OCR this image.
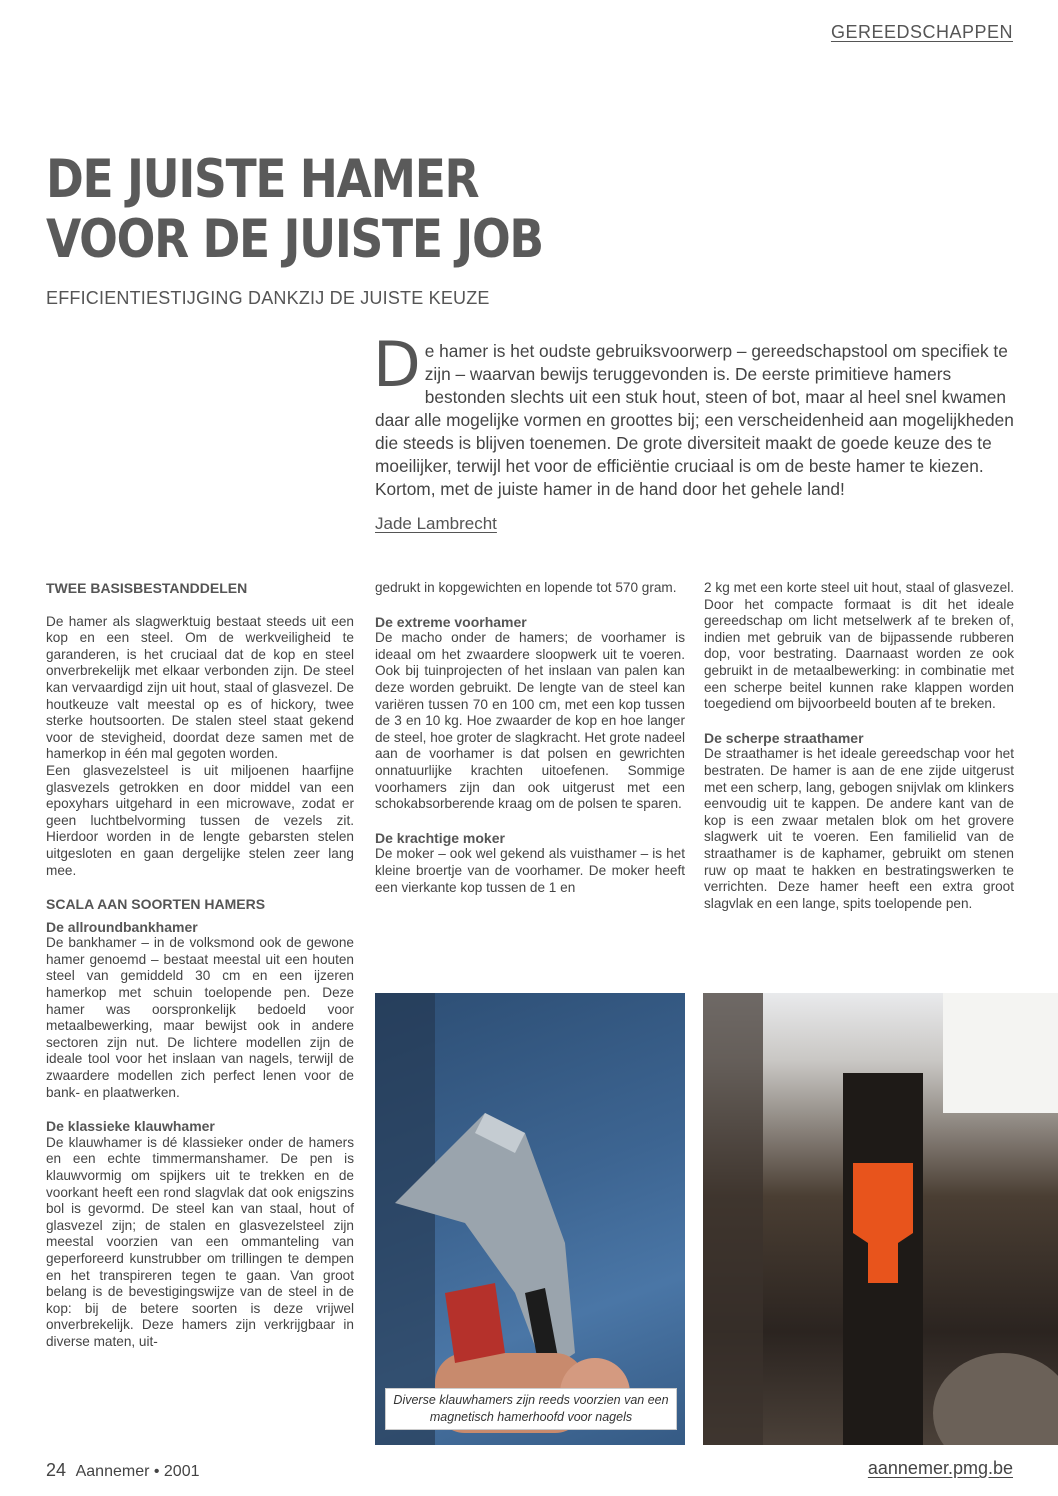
GEREEDSCHAPPEN
DE JUISTE HAMER
VOOR DE JUISTE JOB
EFFICIENTIESTIJGING DANKZIJ DE JUISTE KEUZE
De hamer is het oudste gebruiksvoorwerp – gereedschapstool om specifiek te zijn – waarvan bewijs teruggevonden is. De eerste primitieve hamers bestonden slechts uit een stuk hout, steen of bot, maar al heel snel kwamen daar alle mogelijke vormen en groottes bij; een verscheidenheid aan mogelijkheden die steeds is blijven toenemen. De grote diversiteit maakt de goede keuze des te moeilijker, terwijl het voor de efficiëntie cruciaal is om de beste hamer te kiezen. Kortom, met de juiste hamer in de hand door het gehele land!
Jade Lambrecht
TWEE BASISBESTANDDELEN

De hamer als slagwerktuig bestaat steeds uit een kop en een steel. Om de werkveiligheid te garanderen, is het cruciaal dat de kop en steel onverbrekelijk met elkaar verbonden zijn. De steel kan vervaardigd zijn uit hout, staal of glasvezel. De houtkeuze valt meestal op es of hickory, twee sterke houtsoorten. De stalen steel staat gekend voor de stevigheid, doordat deze samen met de hamerkop in één mal gegoten worden.

Een glasvezelsteel is uit miljoenen haarfijne glasvezels getrokken en door middel van een epoxyhars uitgehard in een microwave, zodat er geen luchtbelvorming tussen de vezels zit. Hierdoor worden in de lengte gebarsten stelen uitgesloten en gaan dergelijke stelen zeer lang mee.

SCALA AAN SOORTEN HAMERS
De allroundbankhamer

De bankhamer – in de volksmond ook de gewone hamer genoemd – bestaat meestal uit een houten steel van gemiddeld 30 cm en een ijzeren hamerkop met schuin toelopende pen. Deze hamer was oorspronkelijk bedoeld voor metaalbewerking, maar bewijst ook in andere sectoren zijn nut. De lichtere modellen zijn de ideale tool voor het inslaan van nagels, terwijl de zwaardere modellen zich perfect lenen voor de bank- en plaatwerken.

De klassieke klauwhamer

De klauwhamer is dé klassieker onder de hamers en een echte timmermanshamer. De pen is klauwvormig om spijkers uit te trekken en de voorkant heeft een rond slagvlak dat ook enigszins bol is gevormd. De steel kan van staal, hout of glasvezel zijn; de stalen en glasvezelsteel zijn meestal voorzien van een ommanteling van geperforeerd kunstrubber om trillingen te dempen en het transpireren tegen te gaan. Van groot belang is de bevestigingswijze van de steel in de kop: bij de betere soorten is deze vrijwel onverbrekelijk. Deze hamers zijn verkrijgbaar in diverse maten, uit-

gedrukt in kopgewichten en lopende tot 570 gram.

De extreme voorhamer

De macho onder de hamers; de voorhamer is ideaal om het zwaardere sloopwerk uit te voeren. Ook bij tuinprojecten of het inslaan van palen kan deze worden gebruikt. De lengte van de steel kan variëren tussen 70 en 100 cm, met een kop tussen de 3 en 10 kg. Hoe zwaarder de kop en hoe langer de steel, hoe groter de slagkracht. Het grote nadeel aan de voorhamer is dat polsen en gewrichten onnatuurlijke krachten uitoefenen. Sommige voorhamers zijn dan ook uitgerust met een schokabsorberende kraag om de polsen te sparen.

De krachtige moker

De moker – ook wel gekend als vuisthamer – is het kleine broertje van de voorhamer. De moker heeft een vierkante kop tussen de 1 en

2 kg met een korte steel uit hout, staal of glasvezel. Door het compacte formaat is dit het ideale gereedschap om licht metselwerk af te breken of, indien met gebruik van de bijpassende rubberen dop, voor bestrating. Daarnaast worden ze ook gebruikt in de metaalbewerking: in combinatie met een scherpe beitel kunnen rake klappen worden toegediend om bijvoorbeeld bouten af te breken.

De scherpe straathamer

De straathamer is het ideale gereedschap voor het bestraten. De hamer is aan de ene zijde uitgerust met een scherp, lang, gebogen snijvlak om klinkers eenvoudig uit te kappen. De andere kant van de kop is een zwaar metalen blok om het grovere slagwerk uit te voeren. Een familielid van de straathamer is de kaphamer, gebruikt om stenen ruw op maat te hakken en bestratingswerken te verrichten. Deze hamer heeft een extra groot slagvlak en een lange, spits toelopende pen.

Diverse klauwhamers zijn reeds voorzien van een magnetisch hamerhoofd voor nagels
24 Aannemer • 2001	aannemer.pmg.be
